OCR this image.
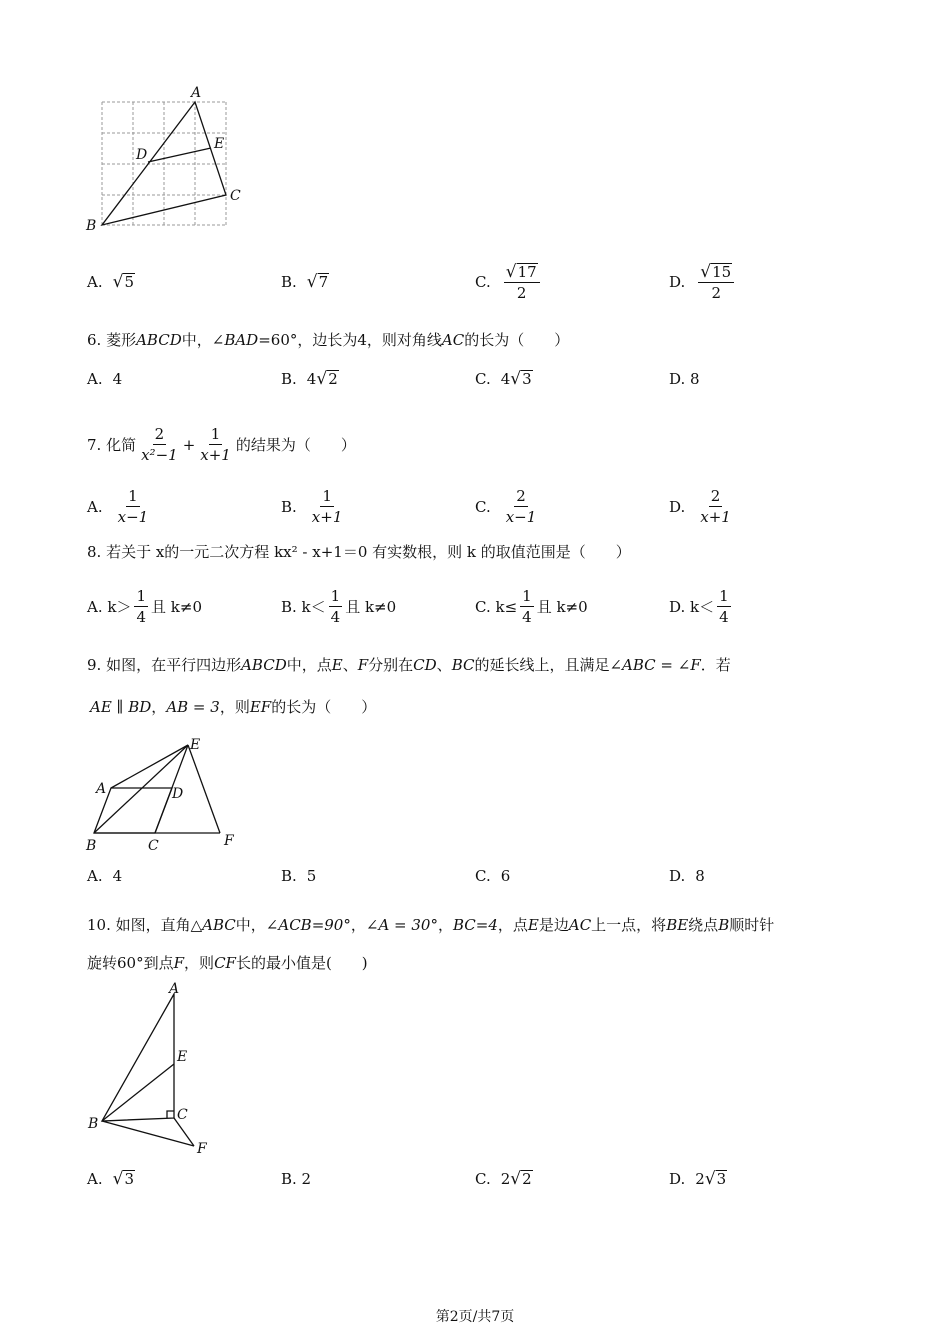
A
B
C
D
E
A. √ 5	B. √ 7	C. $\frac{√ 17}{2}$	D. $\frac{√ 15}{2}$
6. 菱形ABCD中，∠BAD=60°，边长为4，则对角线AC的长为（　　）
A. 4	B. 4 √ 2	C. 4 √ 3	D. 8
7. 化简 $\frac{2}{\text{x²−1}} + \frac{1}{x+1}$ 的结果为（　　）
A. $\frac{1}{x-1}$	B. $\frac{1}{x+1}$	C. $\frac{2}{x-1}$	D. $\frac{2}{x+1}$
8. 若关于 x的一元二次方程 kx² - x+1＝0 有实数根，则 k 的取值范围是（　　）
A. $k> \frac{1}{4}$ 且 k≠0	B. $k< \frac{1}{4}$ 且 k≠0	C. $k\le \frac{1}{4}$ 且 k≠0	D. $k< \frac{1}{4}$
9. 如图，在平行四边形ABCD中，点E、F分别在CD、BC的延长线上，且满足∠ABC = ∠F．若
AE ∥ BD，AB = 3，则EF的长为（　　）
A
B	C
D
E
F
A. 4	B. 5	C. 6	D. 8
10. 如图，直角△ABC中，∠ACB=90°，∠A = 30°，BC=4，点E是边AC上一点，将BE绕点B顺时针
旋转60°到点F，则CF长的最小值是(　　)
A
B
C
E
F
A. √ 3	B. 2	C. 2 √ 2	D. 2 √ 3
第2页/共7页
